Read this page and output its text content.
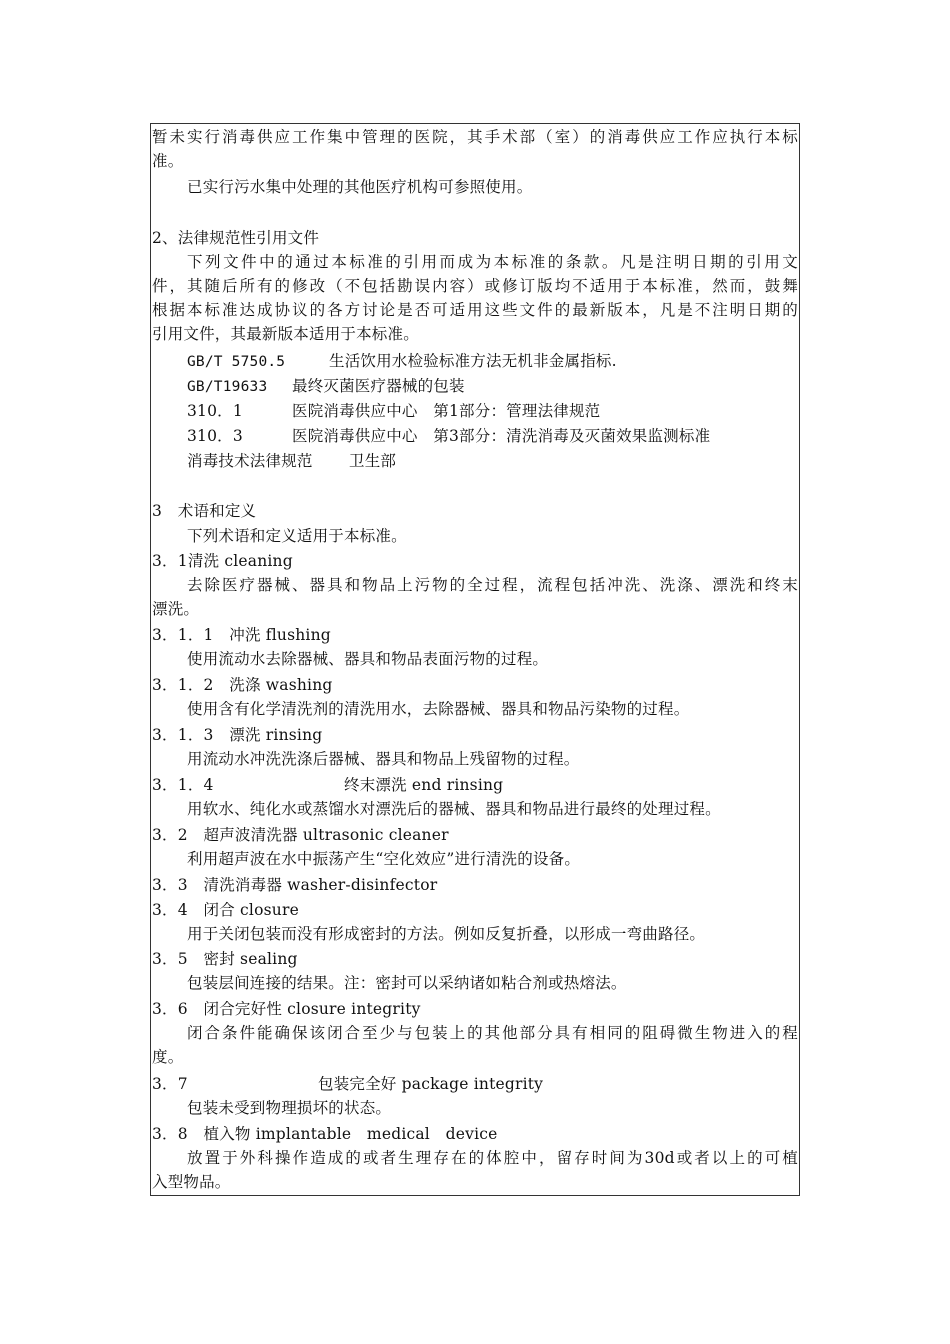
暂未实行消毒供应工作集中管理的医院，其手术部（室）的消毒供应工作应执行本标
准。
已实行污水集中处理的其他医疗机构可参照使用。
2、法律规范性引用文件
下列文件中的通过本标准的引用而成为本标准的条款。凡是注明日期的引用文
件，其随后所有的修改（不包括勘误内容）或修订版均不适用于本标准，然而，鼓舞
根据本标准达成协议的各方讨论是否可适用这些文件的最新版本，凡是不注明日期的
引用文件，其最新版本适用于本标准。
GB/T 5750.5	生活饮用水检验标准方法无机非金属指标.
GB/T19633 最终灭菌医疗器械的包装
310．1	医院消毒供应中心　第1部分：管理法律规范
310．3	医院消毒供应中心　第3部分：清洗消毒及灭菌效果监测标准
消毒技术法律规范 卫生部
3　术语和定义
下列术语和定义适用于本标准。
3．1清洗 cleaning
去除医疗器械、器具和物品上污物的全过程，流程包括冲洗、洗涤、漂洗和终末
漂洗。
3．1．1　冲洗 flushing
使用流动水去除器械、器具和物品表面污物的过程。
3．1．2　洗涤 washing
使用含有化学清洗剂的清洗用水，去除器械、器具和物品污染物的过程。
3．1．3　漂洗 rinsing
用流动水冲洗洗涤后器械、器具和物品上残留物的过程。
3．1．4	终末漂洗 end rinsing
用软水、纯化水或蒸馏水对漂洗后的器械、器具和物品进行最终的处理过程。
3．2　超声波清洗器 ultrasonic cleaner
利用超声波在水中振荡产生“空化效应”进行清洗的设备。
3．3　清洗消毒器 washer-disinfector
3．4　闭合 closure
用于关闭包装而没有形成密封的方法。例如反复折叠，以形成一弯曲路径。
3．5　密封 sealing
包装层间连接的结果。注：密封可以采纳诸如粘合剂或热熔法。
3．6　闭合完好性 closure integrity
闭合条件能确保该闭合至少与包装上的其他部分具有相同的阻碍微生物进入的程
度。
3．7	包装完全好 package integrity
包装未受到物理损坏的状态。
3．8　植入物 implantable　medical　device
放置于外科操作造成的或者生理存在的体腔中，留存时间为30d或者以上的可植
入型物品。
